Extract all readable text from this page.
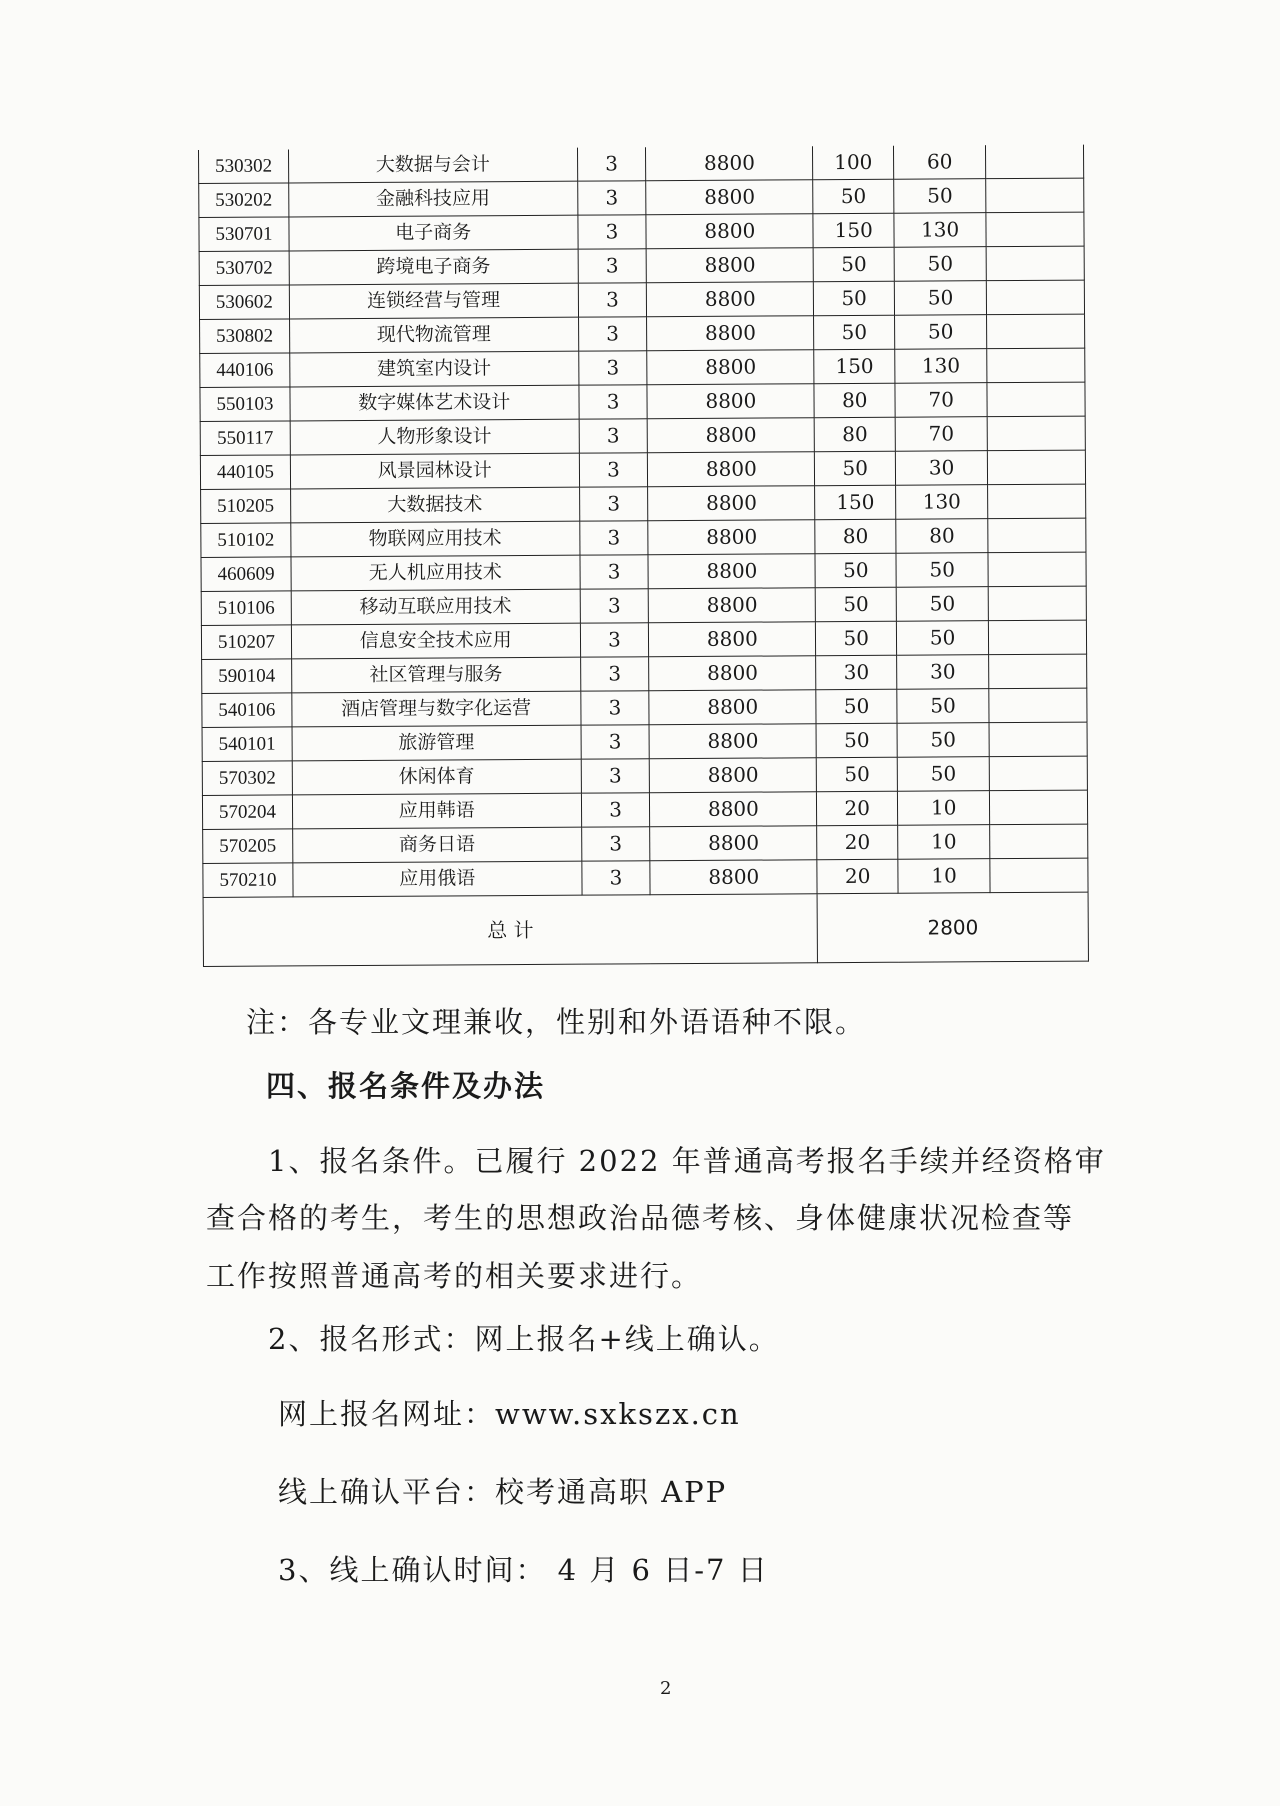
530302	大数据与会计	3	8800	100	60	
530202	金融科技应用	3	8800	50	50	
530701	电子商务	3	8800	150	130	
530702	跨境电子商务	3	8800	50	50	
530602	连锁经营与管理	3	8800	50	50	
530802	现代物流管理	3	8800	50	50	
440106	建筑室内设计	3	8800	150	130	
550103	数字媒体艺术设计	3	8800	80	70	
550117	人物形象设计	3	8800	80	70	
440105	风景园林设计	3	8800	50	30	
510205	大数据技术	3	8800	150	130	
510102	物联网应用技术	3	8800	80	80	
460609	无人机应用技术	3	8800	50	50	
510106	移动互联应用技术	3	8800	50	50	
510207	信息安全技术应用	3	8800	50	50	
590104	社区管理与服务	3	8800	30	30	
540106	酒店管理与数字化运营	3	8800	50	50	
540101	旅游管理	3	8800	50	50	
570302	休闲体育	3	8800	50	50	
570204	应用韩语	3	8800	20	10	
570205	商务日语	3	8800	20	10	
570210	应用俄语	3	8800	20	10	
总 计				2800		
注：各专业文理兼收，性别和外语语种不限。
四、报名条件及办法
1、报名条件。已履行 2022 年普通高考报名手续并经资格审
查合格的考生，考生的思想政治品德考核、身体健康状况检查等
工作按照普通高考的相关要求进行。
2、报名形式：网上报名+线上确认。
网上报名网址：www.sxkszx.cn
线上确认平台：校考通高职 APP
3、线上确认时间： 4 月 6 日-7 日
2
